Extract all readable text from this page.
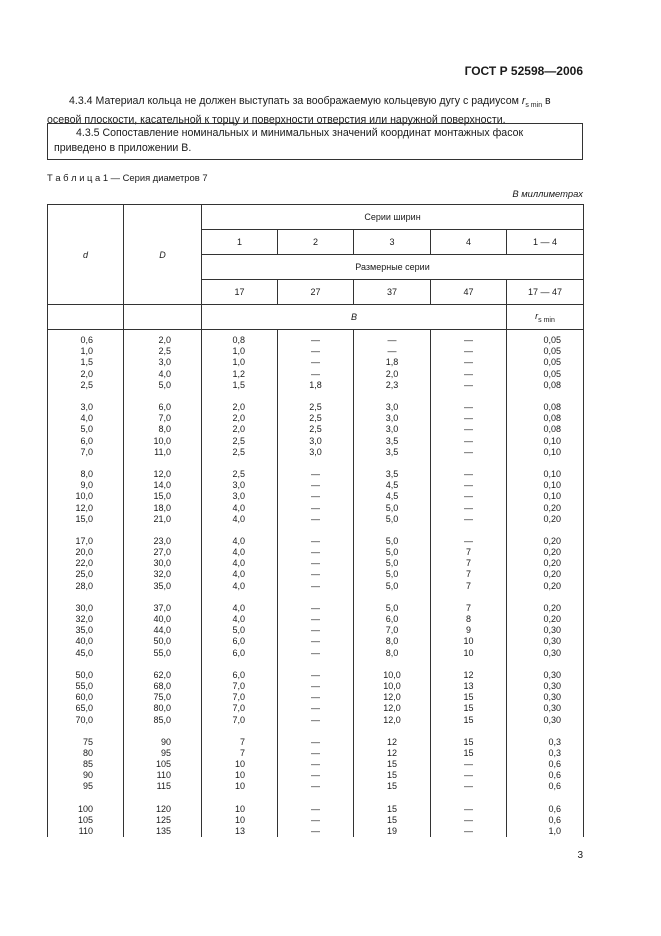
ГОСТ Р 52598—2006
4.3.4 Материал кольца не должен выступать за воображаемую кольцевую дугу с радиусом $r_{s min}$ в осевой плоскости, касательной к торцу и поверхности отверстия или наружной поверхности.
4.3.5 Сопоставление номинальных и минимальных значений координат монтажных фасок приведено в приложении В.
Т а б л и ц а 1 — Серия диаметров 7
В миллиметрах
d	D	Серии ширин				
		1	2	3	4	1 — 4
		Размерные серии				
		17	27	37	47	17 — 47
		B				$r_{s min}$
0,6	2,0	0,8	—	—	—	0,05
1,0	2,5	1,0	—	—	—	0,05
1,5	3,0	1,0	—	1,8	—	0,05
2,0	4,0	1,2	—	2,0	—	0,05
2,5	5,0	1,5	1,8	2,3	—	0,08

3,0	6,0	2,0	2,5	3,0	—	0,08
4,0	7,0	2,0	2,5	3,0	—	0,08
5,0	8,0	2,0	2,5	3,0	—	0,08
6,0	10,0	2,5	3,0	3,5	—	0,10
7,0	11,0	2,5	3,0	3,5	—	0,10

8,0	12,0	2,5	—	3,5	—	0,10
9,0	14,0	3,0	—	4,5	—	0,10
10,0	15,0	3,0	—	4,5	—	0,10
12,0	18,0	4,0	—	5,0	—	0,20
15,0	21,0	4,0	—	5,0	—	0,20

17,0	23,0	4,0	—	5,0	—	0,20
20,0	27,0	4,0	—	5,0	7	0,20
22,0	30,0	4,0	—	5,0	7	0,20
25,0	32,0	4,0	—	5,0	7	0,20
28,0	35,0	4,0	—	5,0	7	0,20

30,0	37,0	4,0	—	5,0	7	0,20
32,0	40,0	4,0	—	6,0	8	0,20
35,0	44,0	5,0	—	7,0	9	0,30
40,0	50,0	6,0	—	8,0	10	0,30
45,0	55,0	6,0	—	8,0	10	0,30

50,0	62,0	6,0	—	10,0	12	0,30
55,0	68,0	7,0	—	10,0	13	0,30
60,0	75,0	7,0	—	12,0	15	0,30
65,0	80,0	7,0	—	12,0	15	0,30
70,0	85,0	7,0	—	12,0	15	0,30

75	90	7	—	12	15	0,3
80	95	7	—	12	15	0,3
85	105	10	—	15	—	0,6
90	110	10	—	15	—	0,6
95	115	10	—	15	—	0,6

100	120	10	—	15	—	0,6
105	125	10	—	15	—	0,6
110	135	13	—	19	—	1,0
3
